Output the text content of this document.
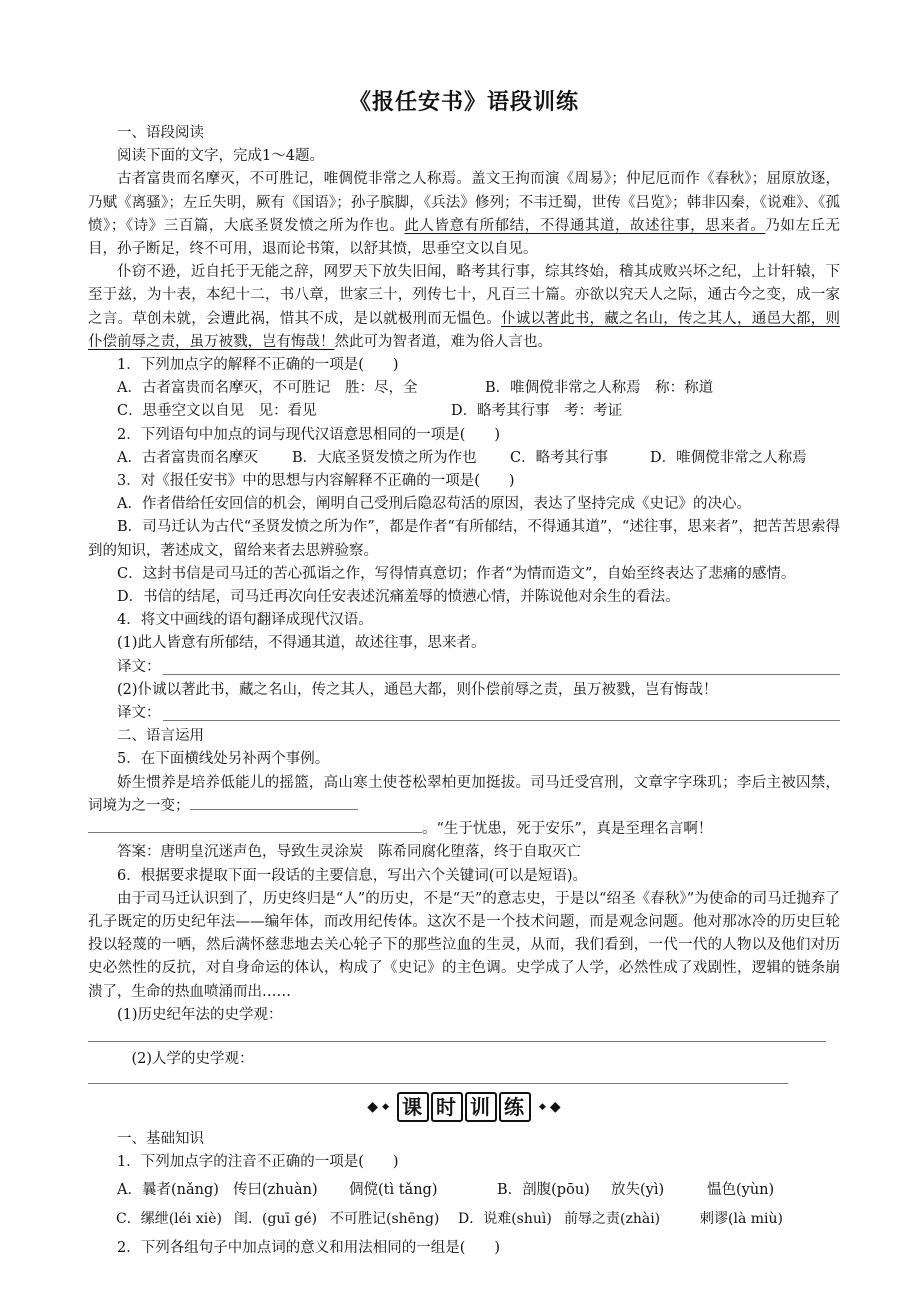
《报任安书》语段训练

一、语段阅读

阅读下面的文字，完成1～4题。

古者富贵而名摩灭，不可胜记，唯倜傥非常之人称焉。盖文王拘而演《周易》；仲尼厄而作《春秋》；屈原放逐，乃赋《离骚》；左丘失明，厥有《国语》；孙子膑脚，《兵法》修列；不韦迁蜀，世传《吕览》；韩非囚秦，《说难》、《孤愤》；《诗》三百篇，大底圣贤发愤之所为作也。此人皆意有所郁结，不得通其道，故述往事，思来者。乃如左丘无目，孙子断足，终不可用，退而论书策，以舒其愤，思垂空文以自见。

仆窃不逊，近自托于无能之辞，网罗天下放失旧闻，略考其行事，综其终始，稽其成败兴坏之纪，上计轩辕，下至于兹，为十表，本纪十二，书八章，世家三十，列传七十，凡百三十篇。亦欲以究天人之际，通古今之变，成一家之言。草创未就，会遭此祸，惜其不成，是以就极刑而无愠色。仆诚以著此书，藏之名山，传之其人，通邑大都，则仆偿前辱之责，虽万被戮，岂有悔哉！然此可为智者道，难为俗人言也。

1．下列加点字的解释不正确的一项是(　　)

A．古者富贵而名摩灭，不可胜记　胜：尽，全	B．唯倜傥非常之人称焉　称：称道
C．思垂空文以自见　见：看见	D．略考其行事　考：考证

2．下列语句中加点的词与现代汉语意思相同的一项是(　　)

A．古者富贵而名摩灭	B．大底圣贤发愤之所为作也	C．略考其行事	D．唯倜傥非常之人称焉

3．对《报任安书》中的思想与内容解释不正确的一项是(　　)

A．作者借给任安回信的机会，阐明自己受刑后隐忍苟活的原因，表达了坚持完成《史记》的决心。

B．司马迁认为古代“圣贤发愤之所为作”，都是作者“有所郁结，不得通其道”，“述往事，思来者”，把苦苦思索得到的知识，著述成文，留给来者去思辨验察。

C．这封书信是司马迁的苦心孤诣之作，写得情真意切；作者“为情而造文”，自始至终表达了悲痛的感情。

D．书信的结尾，司马迁再次向任安表述沉痛羞辱的愤懑心情，并陈说他对余生的看法。

4．将文中画线的语句翻译成现代汉语。

(1)此人皆意有所郁结，不得通其道，故述往事，思来者。

译文：

(2)仆诚以著此书，藏之名山，传之其人，通邑大都，则仆偿前辱之责，虽万被戮，岂有悔哉！

译文：

二、语言运用

5．在下面横线处另补两个事例。

娇生惯养是培养低能儿的摇篮，高山寒土使苍松翠柏更加挺拔。司马迁受宫刑，文章字字珠玑；李后主被囚禁，词境为之一变；

。“生于忧患，死于安乐”，真是至理名言啊！

答案：唐明皇沉迷声色，导致生灵涂炭　陈希同腐化堕落，终于自取灭亡

6．根据要求提取下面一段话的主要信息，写出六个关键词(可以是短语)。

由于司马迁认识到了，历史终归是“人”的历史，不是“天”的意志史，于是以“绍圣《春秋》”为使命的司马迁抛弃了孔子既定的历史纪年法——编年体，而改用纪传体。这次不是一个技术问题，而是观念问题。他对那冰冷的历史巨轮投以轻蔑的一哂，然后满怀慈悲地去关心轮子下的那些泣血的生灵，从而，我们看到，一代一代的人物以及他们对历史必然性的反抗，对自身命运的体认，构成了《史记》的主色调。史学成了人学，必然性成了戏剧性，逻辑的链条崩溃了，生命的热血喷涌而出……

(1)历史纪年法的史学观：

(2)人学的史学观：

◆ ◆ 课 时 训 练	◆ ◆

一、基础知识

1．下列加点字的注音不正确的一项是(　　)

A．曩者(nǎng) 传曰(zhuàn)	倜傥(tì tǎng)	B．剖腹(pōu)	放失(yì)	愠色(yùn)
C．缧绁(léi xiè) 闺．(guī gé) 不可胜记(shēng)	D．说难(shuì) 前辱之责(zhài)	剌谬(là miù)

2．下列各组句子中加点词的意义和用法相同的一组是(　　)
